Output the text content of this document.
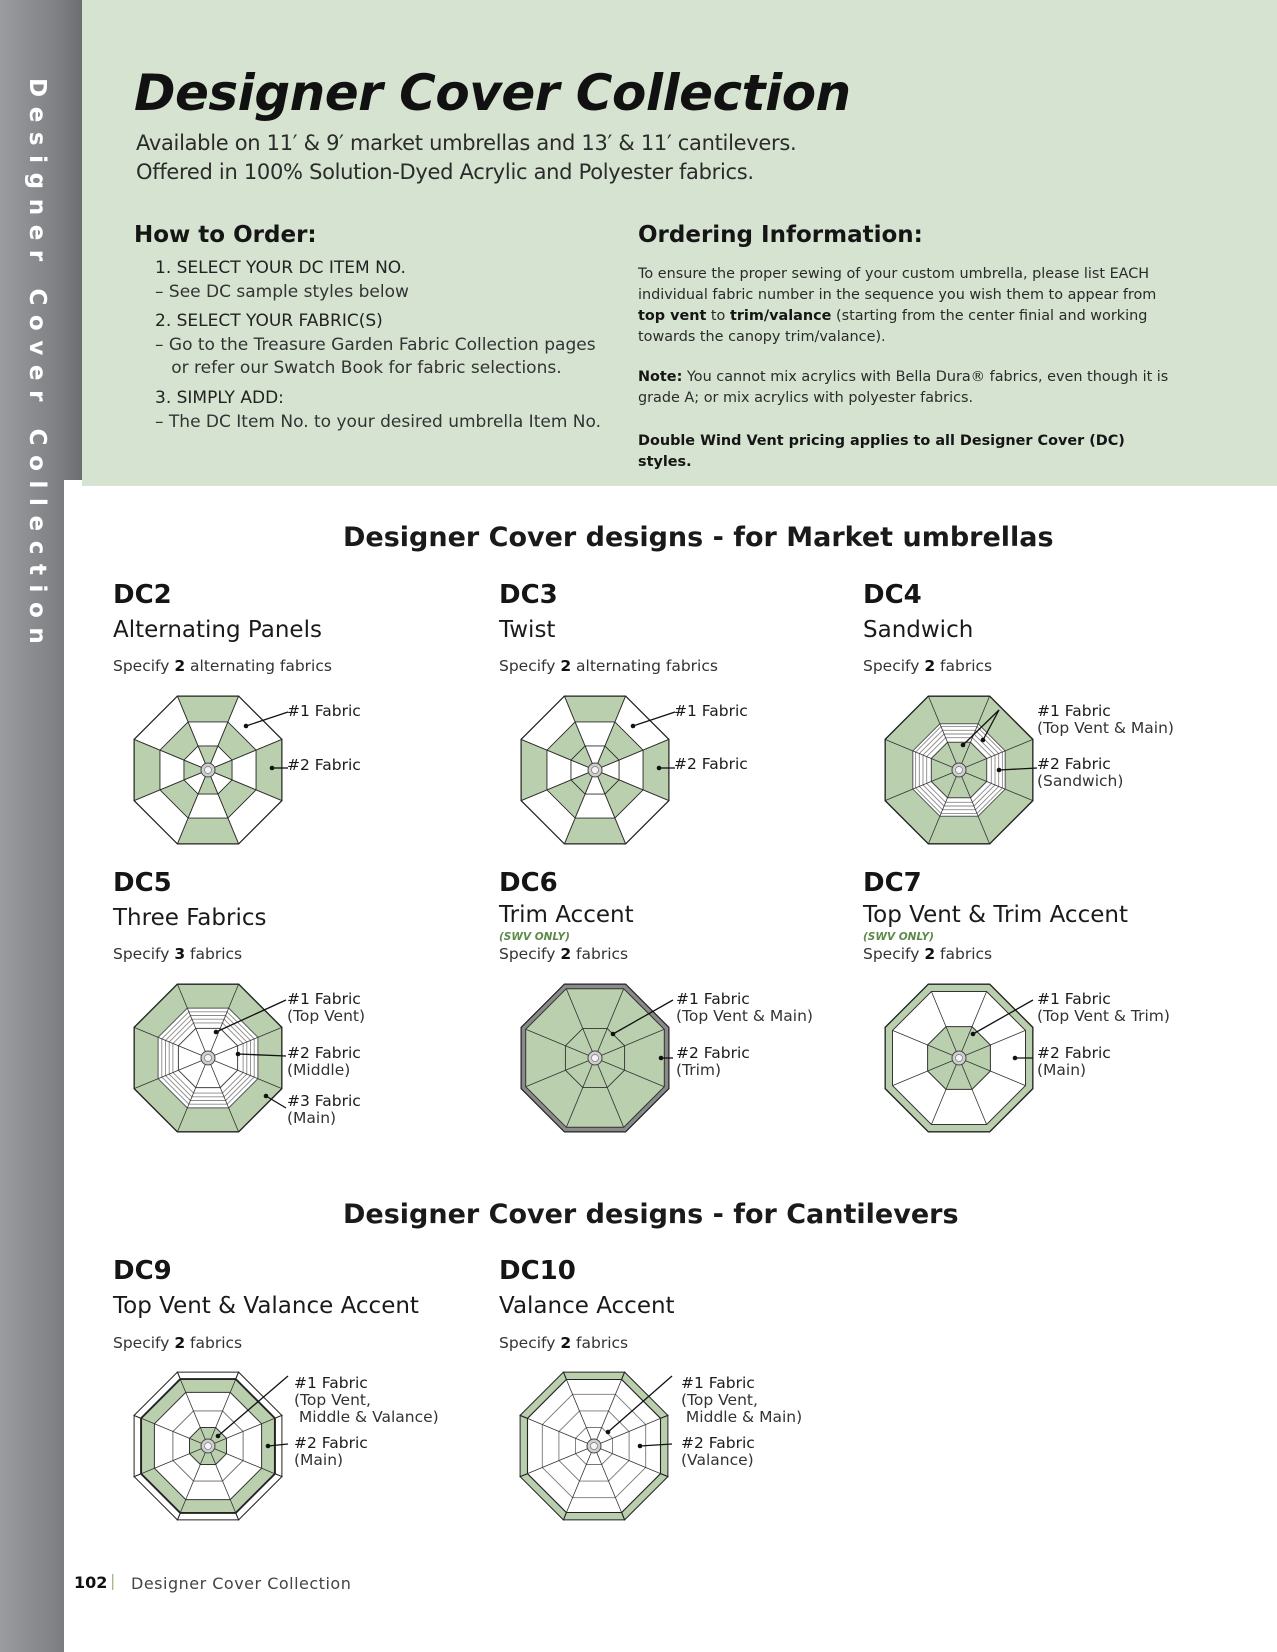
Designer Cover Collection Designer Cover Collection
Available on 11′ & 9′ market umbrellas and 13′ & 11′ cantilevers.
Offered in 100% Solution-Dyed Acrylic and Polyester fabrics.
How to Order:
1. SELECT YOUR DC ITEM NO.
– See DC sample styles below
2. SELECT YOUR FABRIC(S)
– Go to the Treasure Garden Fabric Collection pages
or refer our Swatch Book for fabric selections.
3. SIMPLY ADD:
– The DC Item No. to your desired umbrella Item No.
Ordering Information:

To ensure the proper sewing of your custom umbrella, please list EACH individual fabric number in the sequence you wish them to appear from top vent to trim/valance (starting from the center finial and working towards the canopy trim/valance).

Note: You cannot mix acrylics with Bella Dura® fabrics, even though it is grade A; or mix acrylics with polyester fabrics.

Double Wind Vent pricing applies to all Designer Cover (DC) styles.

Designer Cover designs - for Market umbrellas
Designer Cover designs - for Cantilevers
DC2
Alternating Panels
Specify 2 alternating fabrics
#1 Fabric
#2 Fabric
DC3
Twist
Specify 2 alternating fabrics
#1 Fabric
#2 Fabric
DC4
Sandwich
Specify 2 fabrics
#1 Fabric
(Top Vent & Main)
#2 Fabric
(Sandwich)
DC5
Three Fabrics
Specify 3 fabrics
#1 Fabric
(Top Vent)
#2 Fabric
(Middle)
#3 Fabric
(Main)
DC6
Trim Accent
(SWV ONLY)
Specify 2 fabrics
#1 Fabric
(Top Vent & Main)
#2 Fabric
(Trim)
DC7
Top Vent & Trim Accent
(SWV ONLY)
Specify 2 fabrics
#1 Fabric
(Top Vent & Trim)
#2 Fabric
(Main)
DC9
Top Vent & Valance Accent
Specify 2 fabrics
#1 Fabric
(Top Vent,
Middle & Valance)
#2 Fabric
(Main)
DC10
Valance Accent
Specify 2 fabrics
#1 Fabric
(Top Vent,
Middle & Main)
#2 Fabric
(Valance)
102 | Designer Cover Collection
